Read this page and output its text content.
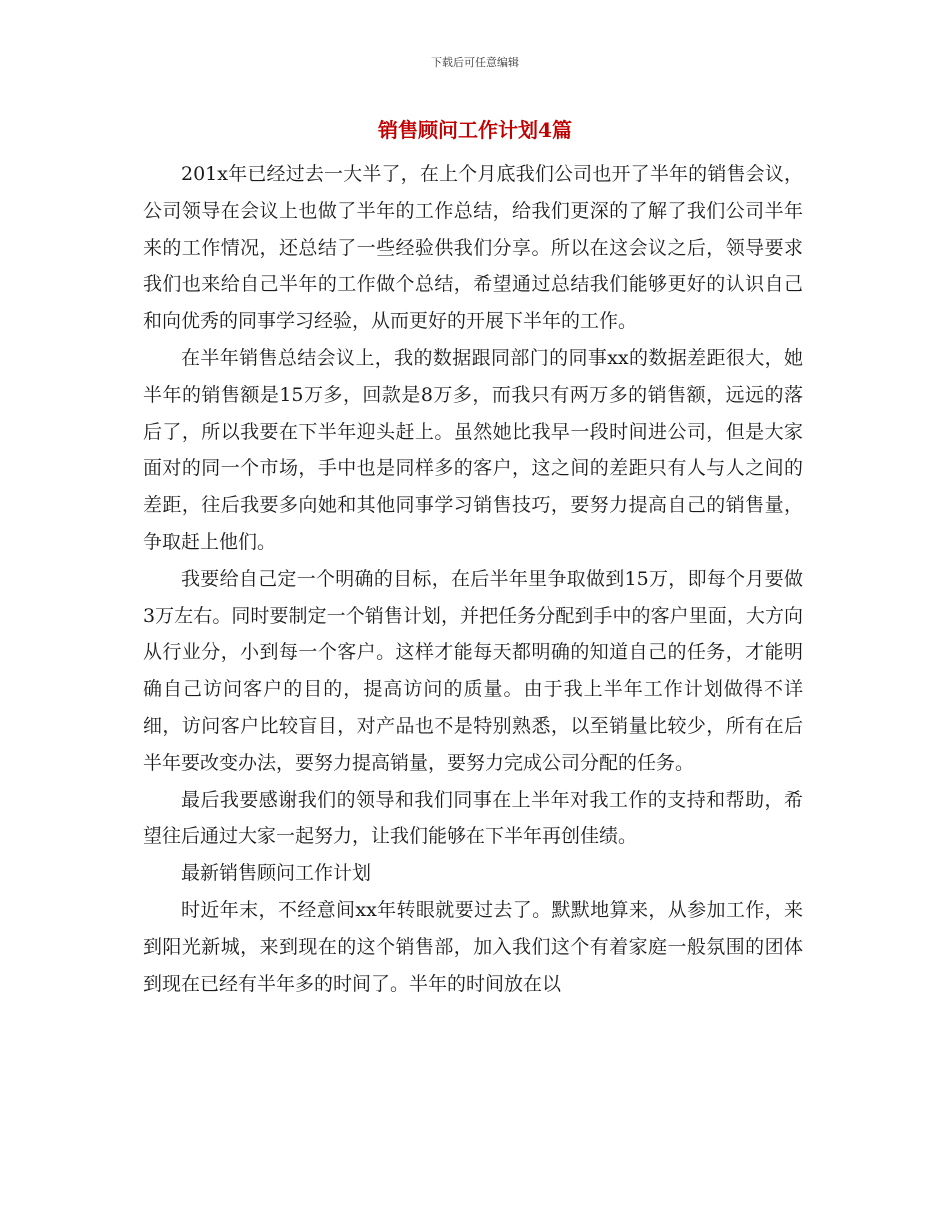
下载后可任意编辑
销售顾问工作计划4篇

201x年已经过去一大半了，在上个月底我们公司也开了半年的销售会议，公司领导在会议上也做了半年的工作总结，给我们更深的了解了我们公司半年来的工作情况，还总结了一些经验供我们分享。所以在这会议之后，领导要求我们也来给自己半年的工作做个总结，希望通过总结我们能够更好的认识自己和向优秀的同事学习经验，从而更好的开展下半年的工作。

在半年销售总结会议上，我的数据跟同部门的同事xx的数据差距很大，她半年的销售额是15万多，回款是8万多，而我只有两万多的销售额，远远的落后了，所以我要在下半年迎头赶上。虽然她比我早一段时间进公司，但是大家面对的同一个市场，手中也是同样多的客户，这之间的差距只有人与人之间的差距，往后我要多向她和其他同事学习销售技巧，要努力提高自己的销售量，争取赶上他们。

我要给自己定一个明确的目标，在后半年里争取做到15万，即每个月要做3万左右。同时要制定一个销售计划，并把任务分配到手中的客户里面，大方向从行业分，小到每一个客户。这样才能每天都明确的知道自己的任务，才能明确自己访问客户的目的，提高访问的质量。由于我上半年工作计划做得不详细，访问客户比较盲目，对产品也不是特别熟悉，以至销量比较少，所有在后半年要改变办法，要努力提高销量，要努力完成公司分配的任务。

最后我要感谢我们的领导和我们同事在上半年对我工作的支持和帮助，希望往后通过大家一起努力，让我们能够在下半年再创佳绩。

最新销售顾问工作计划

时近年末，不经意间xx年转眼就要过去了。默默地算来，从参加工作，来到阳光新城，来到现在的这个销售部，加入我们这个有着家庭一般氛围的团体到现在已经有半年多的时间了。半年的时间放在以
